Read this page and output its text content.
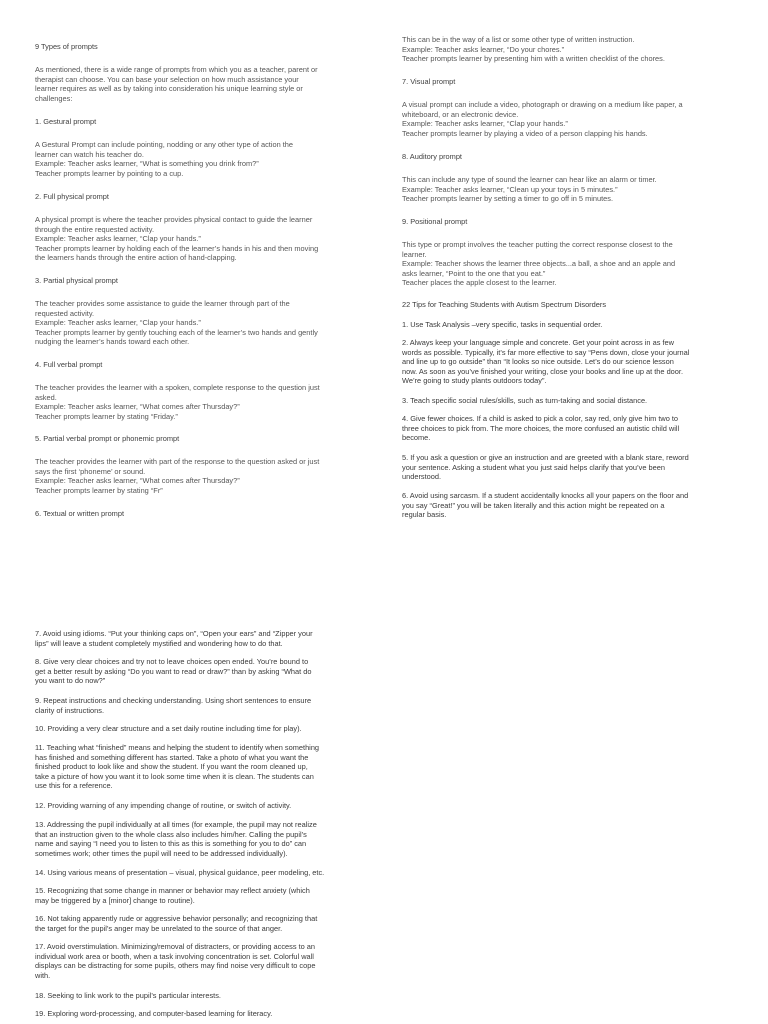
9 Types of prompts
As mentioned, there is a wide range of prompts from which you as a teacher, parent or
therapist can choose. You can base your selection on how much assistance your
learner requires as well as by taking into consideration his unique learning style or
challenges:
1. Gestural prompt
A Gestural Prompt can include pointing, nodding or any other type of action the
learner can watch his teacher do.
Example: Teacher asks learner, “What is something you drink from?”
Teacher prompts learner by pointing to a cup.
2. Full physical prompt
A physical prompt is where the teacher provides physical contact to guide the learner
through the entire requested activity.
Example: Teacher asks learner, “Clap your hands.”
Teacher prompts learner by holding each of the learner’s hands in his and then moving
the learners hands through the entire action of hand-clapping.
3. Partial physical prompt
The teacher provides some assistance to guide the learner through part of the
requested activity.
Example: Teacher asks learner, “Clap your hands.”
Teacher prompts learner by gently touching each of the learner’s two hands and gently
nudging the learner’s hands toward each other.
4. Full verbal prompt
The teacher provides the learner with a spoken, complete response to the question just
asked.
Example: Teacher asks learner, “What comes after Thursday?”
Teacher prompts learner by stating “Friday.”
5. Partial verbal prompt or phonemic prompt
The teacher provides the learner with part of the response to the question asked or just
says the first ‘phoneme’ or sound.
Example: Teacher asks learner, “What comes after Thursday?”
Teacher prompts learner by stating “Fr”
6. Textual or written prompt
This can be in the way of a list or some other type of written instruction.
Example: Teacher asks learner, “Do your chores.”
Teacher prompts learner by presenting him with a written checklist of the chores.
7. Visual prompt
A visual prompt can include a video, photograph or drawing on a medium like paper, a
whiteboard, or an electronic device.
Example: Teacher asks learner, “Clap your hands.”
Teacher prompts learner by playing a video of a person clapping his hands.
8. Auditory prompt
This can include any type of sound the learner can hear like an alarm or timer.
Example: Teacher asks learner, “Clean up your toys in 5 minutes.”
Teacher prompts learner by setting a timer to go off in 5 minutes.
9. Positional prompt
This type or prompt involves the teacher putting the correct response closest to the
learner.
Example: Teacher shows the learner three objects...a ball, a shoe and an apple and
asks learner, “Point to the one that you eat.”
Teacher places the apple closest to the learner.
22 Tips for Teaching Students with Autism Spectrum Disorders
1. Use Task Analysis –very specific, tasks in sequential order.
2. Always keep your language simple and concrete. Get your point across in as few
words as possible. Typically, it’s far more effective to say “Pens down, close your journal
and line up to go outside” than “It looks so nice outside. Let’s do our science lesson
now. As soon as you’ve finished your writing, close your books and line up at the door.
We’re going to study plants outdoors today”.
3. Teach specific social rules/skills, such as turn-taking and social distance.
4. Give fewer choices. If a child is asked to pick a color, say red, only give him two to
three choices to pick from. The more choices, the more confused an autistic child will
become.
5. If you ask a question or give an instruction and are greeted with a blank stare, reword
your sentence. Asking a student what you just said helps clarify that you’ve been
understood.
6. Avoid using sarcasm. If a student accidentally knocks all your papers on the floor and
you say “Great!” you will be taken literally and this action might be repeated on a
regular basis.
7. Avoid using idioms. “Put your thinking caps on”, “Open your ears” and “Zipper your
lips” will leave a student completely mystified and wondering how to do that.
8. Give very clear choices and try not to leave choices open ended. You’re bound to
get a better result by asking “Do you want to read or draw?” than by asking “What do
you want to do now?”
9. Repeat instructions and checking understanding. Using short sentences to ensure
clarity of instructions.
10. Providing a very clear structure and a set daily routine including time for play).
11. Teaching what “finished” means and helping the student to identify when something
has finished and something different has started. Take a photo of what you want the
finished product to look like and show the student. If you want the room cleaned up,
take a picture of how you want it to look some time when it is clean. The students can
use this for a reference.
12. Providing warning of any impending change of routine, or switch of activity.
13. Addressing the pupil individually at all times (for example, the pupil may not realize
that an instruction given to the whole class also includes him/her. Calling the pupil’s
name and saying “I need you to listen to this as this is something for you to do” can
sometimes work; other times the pupil will need to be addressed individually).
14. Using various means of presentation – visual, physical guidance, peer modeling, etc.
15. Recognizing that some change in manner or behavior may reflect anxiety (which
may be triggered by a [minor] change to routine).
16. Not taking apparently rude or aggressive behavior personally; and recognizing that
the target for the pupil’s anger may be unrelated to the source of that anger.
17. Avoid overstimulation. Minimizing/removal of distracters, or providing access to an
individual work area or booth, when a task involving concentration is set. Colorful wall
displays can be distracting for some pupils, others may find noise very difficult to cope
with.
18. Seeking to link work to the pupil’s particular interests.
19. Exploring word-processing, and computer-based learning for literacy.
